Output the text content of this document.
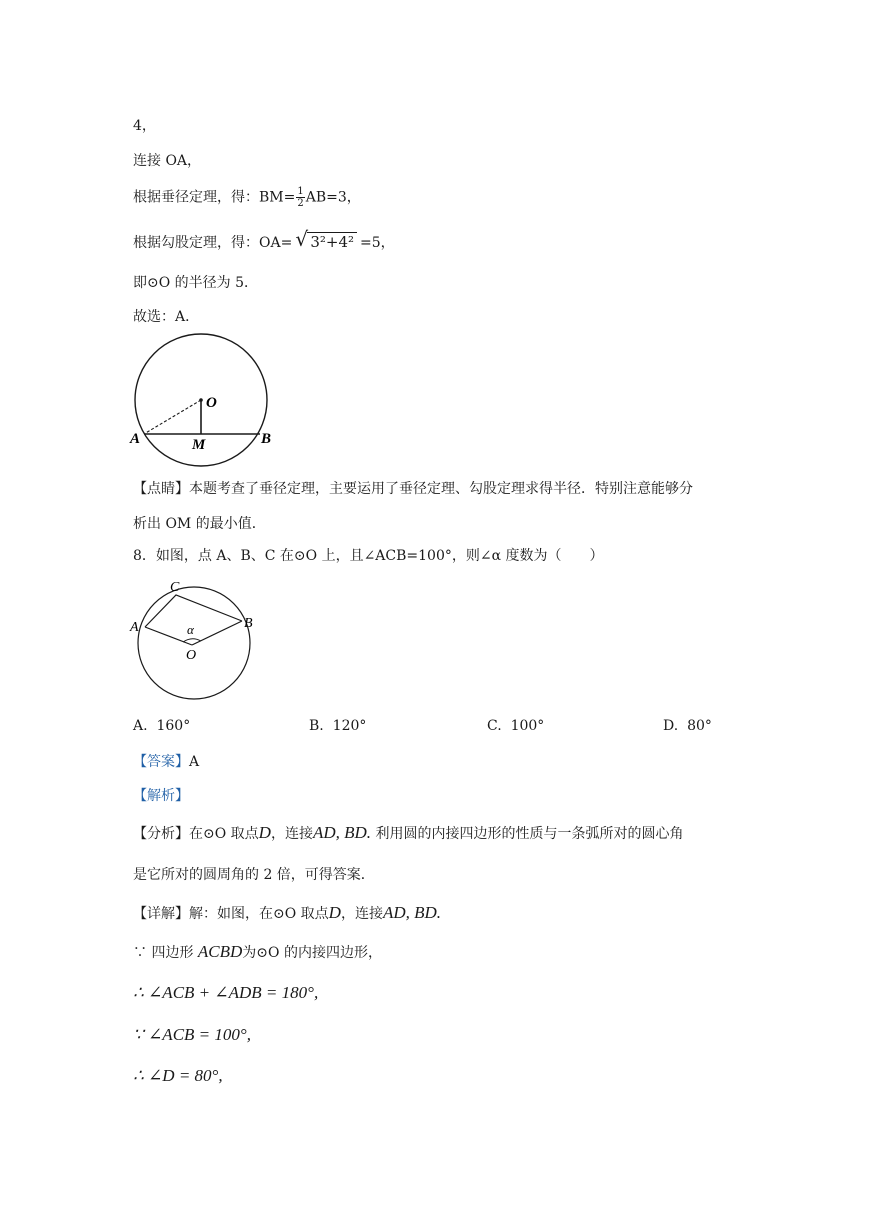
4，
连接 OA，
根据垂径定理，得：$BM= \frac{1}{2} AB=3$，
根据勾股定理，得：OA= √ 3²+4² =5，
即⊙O 的半径为 5．
故选：A．
O
A	B
M
【点睛】本题考查了垂径定理，主要运用了垂径定理、勾股定理求得半径．特别注意能够分
析出 OM 的最小值．
8．如图，点 A、B、C 在⊙O 上，且∠ACB=100°，则∠α 度数为（　　）
C
A	B
α
O
A. 160°	B. 120°	C. 100°	D. 80°
【答案】A
【解析】
【分析】在⊙O 取点D，连接AD, BD. 利用圆的内接四边形的性质与一条弧所对的圆心角
是它所对的圆周角的 2 倍，可得答案．
【详解】解：如图，在⊙O 取点D，连接AD, BD.
∵ 四边形 ACBD为⊙O 的内接四边形，
∴ ∠ACB + ∠ADB = 180°,
∵ ∠ACB = 100°,
∴ ∠D = 80°,
